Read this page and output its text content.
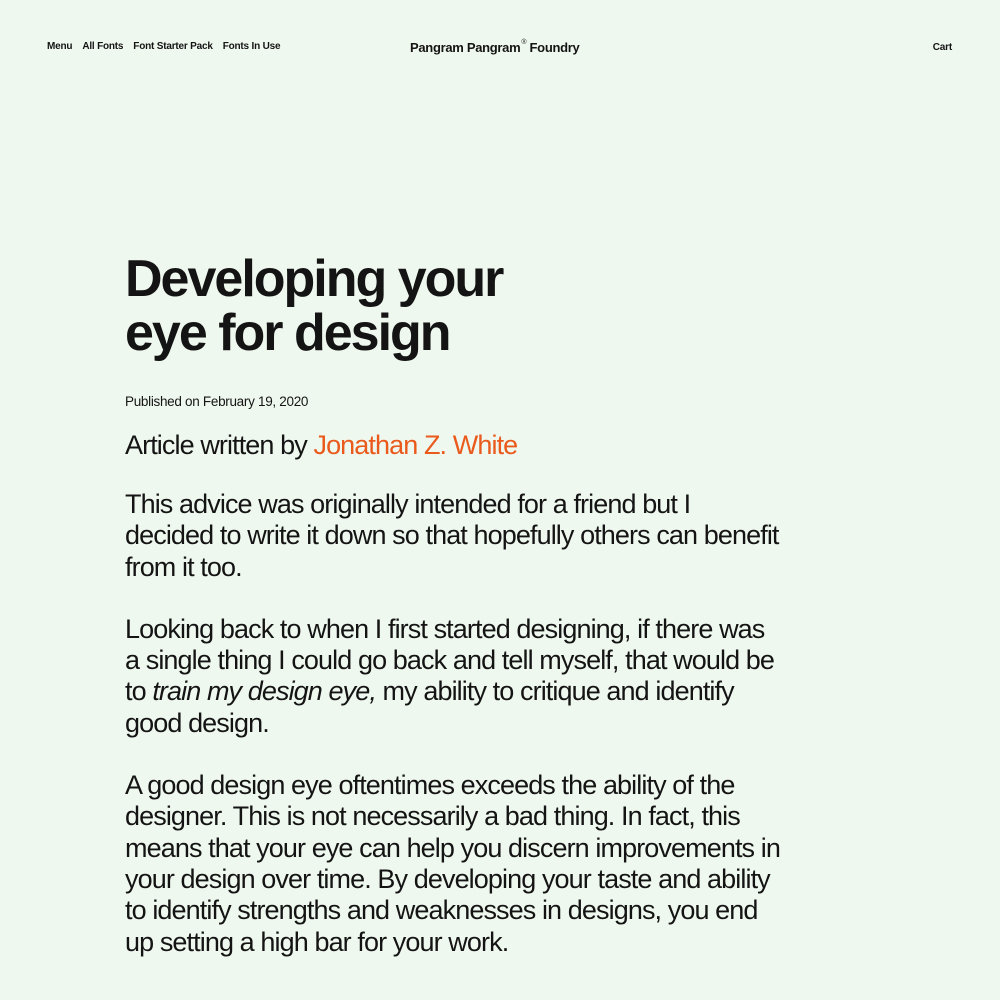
Menu All Fonts Font Starter Pack Fonts In Use	Pangram Pangram® Foundry	Cart
Developing your
eye for design
Published on February 19, 2020
Article written by Jonathan Z. White

This advice was originally intended for a friend but I decided to write it down so that hopefully others can benefit from it too.

Looking back to when I first started designing, if there was a single thing I could go back and tell myself, that would be to train my design eye, my ability to critique and identify good design.

A good design eye oftentimes exceeds the ability of the designer. This is not necessarily a bad thing. In fact, this means that your eye can help you discern improvements in your design over time. By developing your taste and ability to identify strengths and weaknesses in designs, you end up setting a high bar for your work.
